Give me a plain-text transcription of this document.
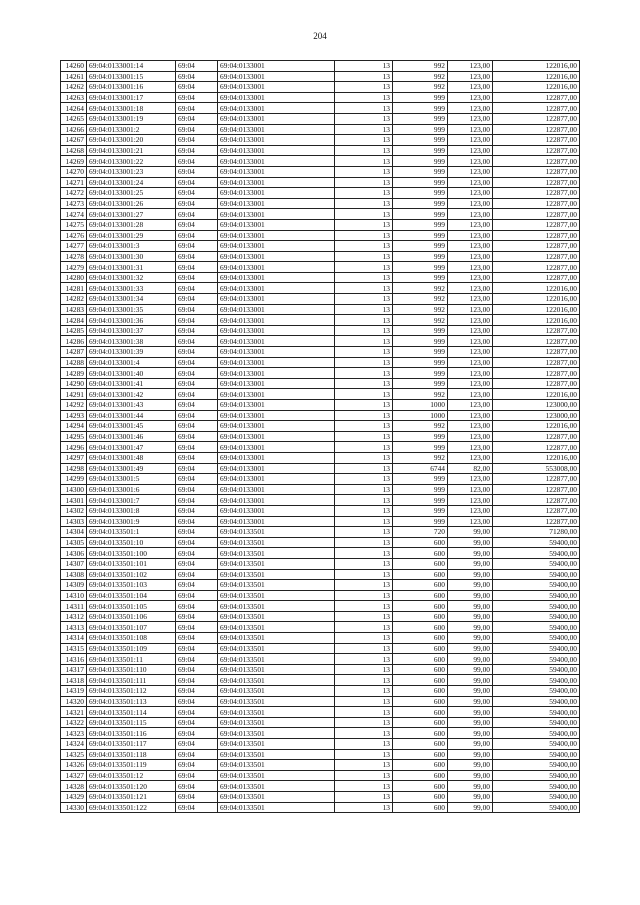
204
14260	69:04:0133001:14	69:04	69:04:0133001	13	992	123,00	122016,00
14261	69:04:0133001:15	69:04	69:04:0133001	13	992	123,00	122016,00
14262	69:04:0133001:16	69:04	69:04:0133001	13	992	123,00	122016,00
14263	69:04:0133001:17	69:04	69:04:0133001	13	999	123,00	122877,00
14264	69:04:0133001:18	69:04	69:04:0133001	13	999	123,00	122877,00
14265	69:04:0133001:19	69:04	69:04:0133001	13	999	123,00	122877,00
14266	69:04:0133001:2	69:04	69:04:0133001	13	999	123,00	122877,00
14267	69:04:0133001:20	69:04	69:04:0133001	13	999	123,00	122877,00
14268	69:04:0133001:21	69:04	69:04:0133001	13	999	123,00	122877,00
14269	69:04:0133001:22	69:04	69:04:0133001	13	999	123,00	122877,00
14270	69:04:0133001:23	69:04	69:04:0133001	13	999	123,00	122877,00
14271	69:04:0133001:24	69:04	69:04:0133001	13	999	123,00	122877,00
14272	69:04:0133001:25	69:04	69:04:0133001	13	999	123,00	122877,00
14273	69:04:0133001:26	69:04	69:04:0133001	13	999	123,00	122877,00
14274	69:04:0133001:27	69:04	69:04:0133001	13	999	123,00	122877,00
14275	69:04:0133001:28	69:04	69:04:0133001	13	999	123,00	122877,00
14276	69:04:0133001:29	69:04	69:04:0133001	13	999	123,00	122877,00
14277	69:04:0133001:3	69:04	69:04:0133001	13	999	123,00	122877,00
14278	69:04:0133001:30	69:04	69:04:0133001	13	999	123,00	122877,00
14279	69:04:0133001:31	69:04	69:04:0133001	13	999	123,00	122877,00
14280	69:04:0133001:32	69:04	69:04:0133001	13	999	123,00	122877,00
14281	69:04:0133001:33	69:04	69:04:0133001	13	992	123,00	122016,00
14282	69:04:0133001:34	69:04	69:04:0133001	13	992	123,00	122016,00
14283	69:04:0133001:35	69:04	69:04:0133001	13	992	123,00	122016,00
14284	69:04:0133001:36	69:04	69:04:0133001	13	992	123,00	122016,00
14285	69:04:0133001:37	69:04	69:04:0133001	13	999	123,00	122877,00
14286	69:04:0133001:38	69:04	69:04:0133001	13	999	123,00	122877,00
14287	69:04:0133001:39	69:04	69:04:0133001	13	999	123,00	122877,00
14288	69:04:0133001:4	69:04	69:04:0133001	13	999	123,00	122877,00
14289	69:04:0133001:40	69:04	69:04:0133001	13	999	123,00	122877,00
14290	69:04:0133001:41	69:04	69:04:0133001	13	999	123,00	122877,00
14291	69:04:0133001:42	69:04	69:04:0133001	13	992	123,00	122016,00
14292	69:04:0133001:43	69:04	69:04:0133001	13	1000	123,00	123000,00
14293	69:04:0133001:44	69:04	69:04:0133001	13	1000	123,00	123000,00
14294	69:04:0133001:45	69:04	69:04:0133001	13	992	123,00	122016,00
14295	69:04:0133001:46	69:04	69:04:0133001	13	999	123,00	122877,00
14296	69:04:0133001:47	69:04	69:04:0133001	13	999	123,00	122877,00
14297	69:04:0133001:48	69:04	69:04:0133001	13	992	123,00	122016,00
14298	69:04:0133001:49	69:04	69:04:0133001	13	6744	82,00	553008,00
14299	69:04:0133001:5	69:04	69:04:0133001	13	999	123,00	122877,00
14300	69:04:0133001:6	69:04	69:04:0133001	13	999	123,00	122877,00
14301	69:04:0133001:7	69:04	69:04:0133001	13	999	123,00	122877,00
14302	69:04:0133001:8	69:04	69:04:0133001	13	999	123,00	122877,00
14303	69:04:0133001:9	69:04	69:04:0133001	13	999	123,00	122877,00
14304	69:04:0133501:1	69:04	69:04:0133501	13	720	99,00	71280,00
14305	69:04:0133501:10	69:04	69:04:0133501	13	600	99,00	59400,00
14306	69:04:0133501:100	69:04	69:04:0133501	13	600	99,00	59400,00
14307	69:04:0133501:101	69:04	69:04:0133501	13	600	99,00	59400,00
14308	69:04:0133501:102	69:04	69:04:0133501	13	600	99,00	59400,00
14309	69:04:0133501:103	69:04	69:04:0133501	13	600	99,00	59400,00
14310	69:04:0133501:104	69:04	69:04:0133501	13	600	99,00	59400,00
14311	69:04:0133501:105	69:04	69:04:0133501	13	600	99,00	59400,00
14312	69:04:0133501:106	69:04	69:04:0133501	13	600	99,00	59400,00
14313	69:04:0133501:107	69:04	69:04:0133501	13	600	99,00	59400,00
14314	69:04:0133501:108	69:04	69:04:0133501	13	600	99,00	59400,00
14315	69:04:0133501:109	69:04	69:04:0133501	13	600	99,00	59400,00
14316	69:04:0133501:11	69:04	69:04:0133501	13	600	99,00	59400,00
14317	69:04:0133501:110	69:04	69:04:0133501	13	600	99,00	59400,00
14318	69:04:0133501:111	69:04	69:04:0133501	13	600	99,00	59400,00
14319	69:04:0133501:112	69:04	69:04:0133501	13	600	99,00	59400,00
14320	69:04:0133501:113	69:04	69:04:0133501	13	600	99,00	59400,00
14321	69:04:0133501:114	69:04	69:04:0133501	13	600	99,00	59400,00
14322	69:04:0133501:115	69:04	69:04:0133501	13	600	99,00	59400,00
14323	69:04:0133501:116	69:04	69:04:0133501	13	600	99,00	59400,00
14324	69:04:0133501:117	69:04	69:04:0133501	13	600	99,00	59400,00
14325	69:04:0133501:118	69:04	69:04:0133501	13	600	99,00	59400,00
14326	69:04:0133501:119	69:04	69:04:0133501	13	600	99,00	59400,00
14327	69:04:0133501:12	69:04	69:04:0133501	13	600	99,00	59400,00
14328	69:04:0133501:120	69:04	69:04:0133501	13	600	99,00	59400,00
14329	69:04:0133501:121	69:04	69:04:0133501	13	600	99,00	59400,00
14330	69:04:0133501:122	69:04	69:04:0133501	13	600	99,00	59400,00
